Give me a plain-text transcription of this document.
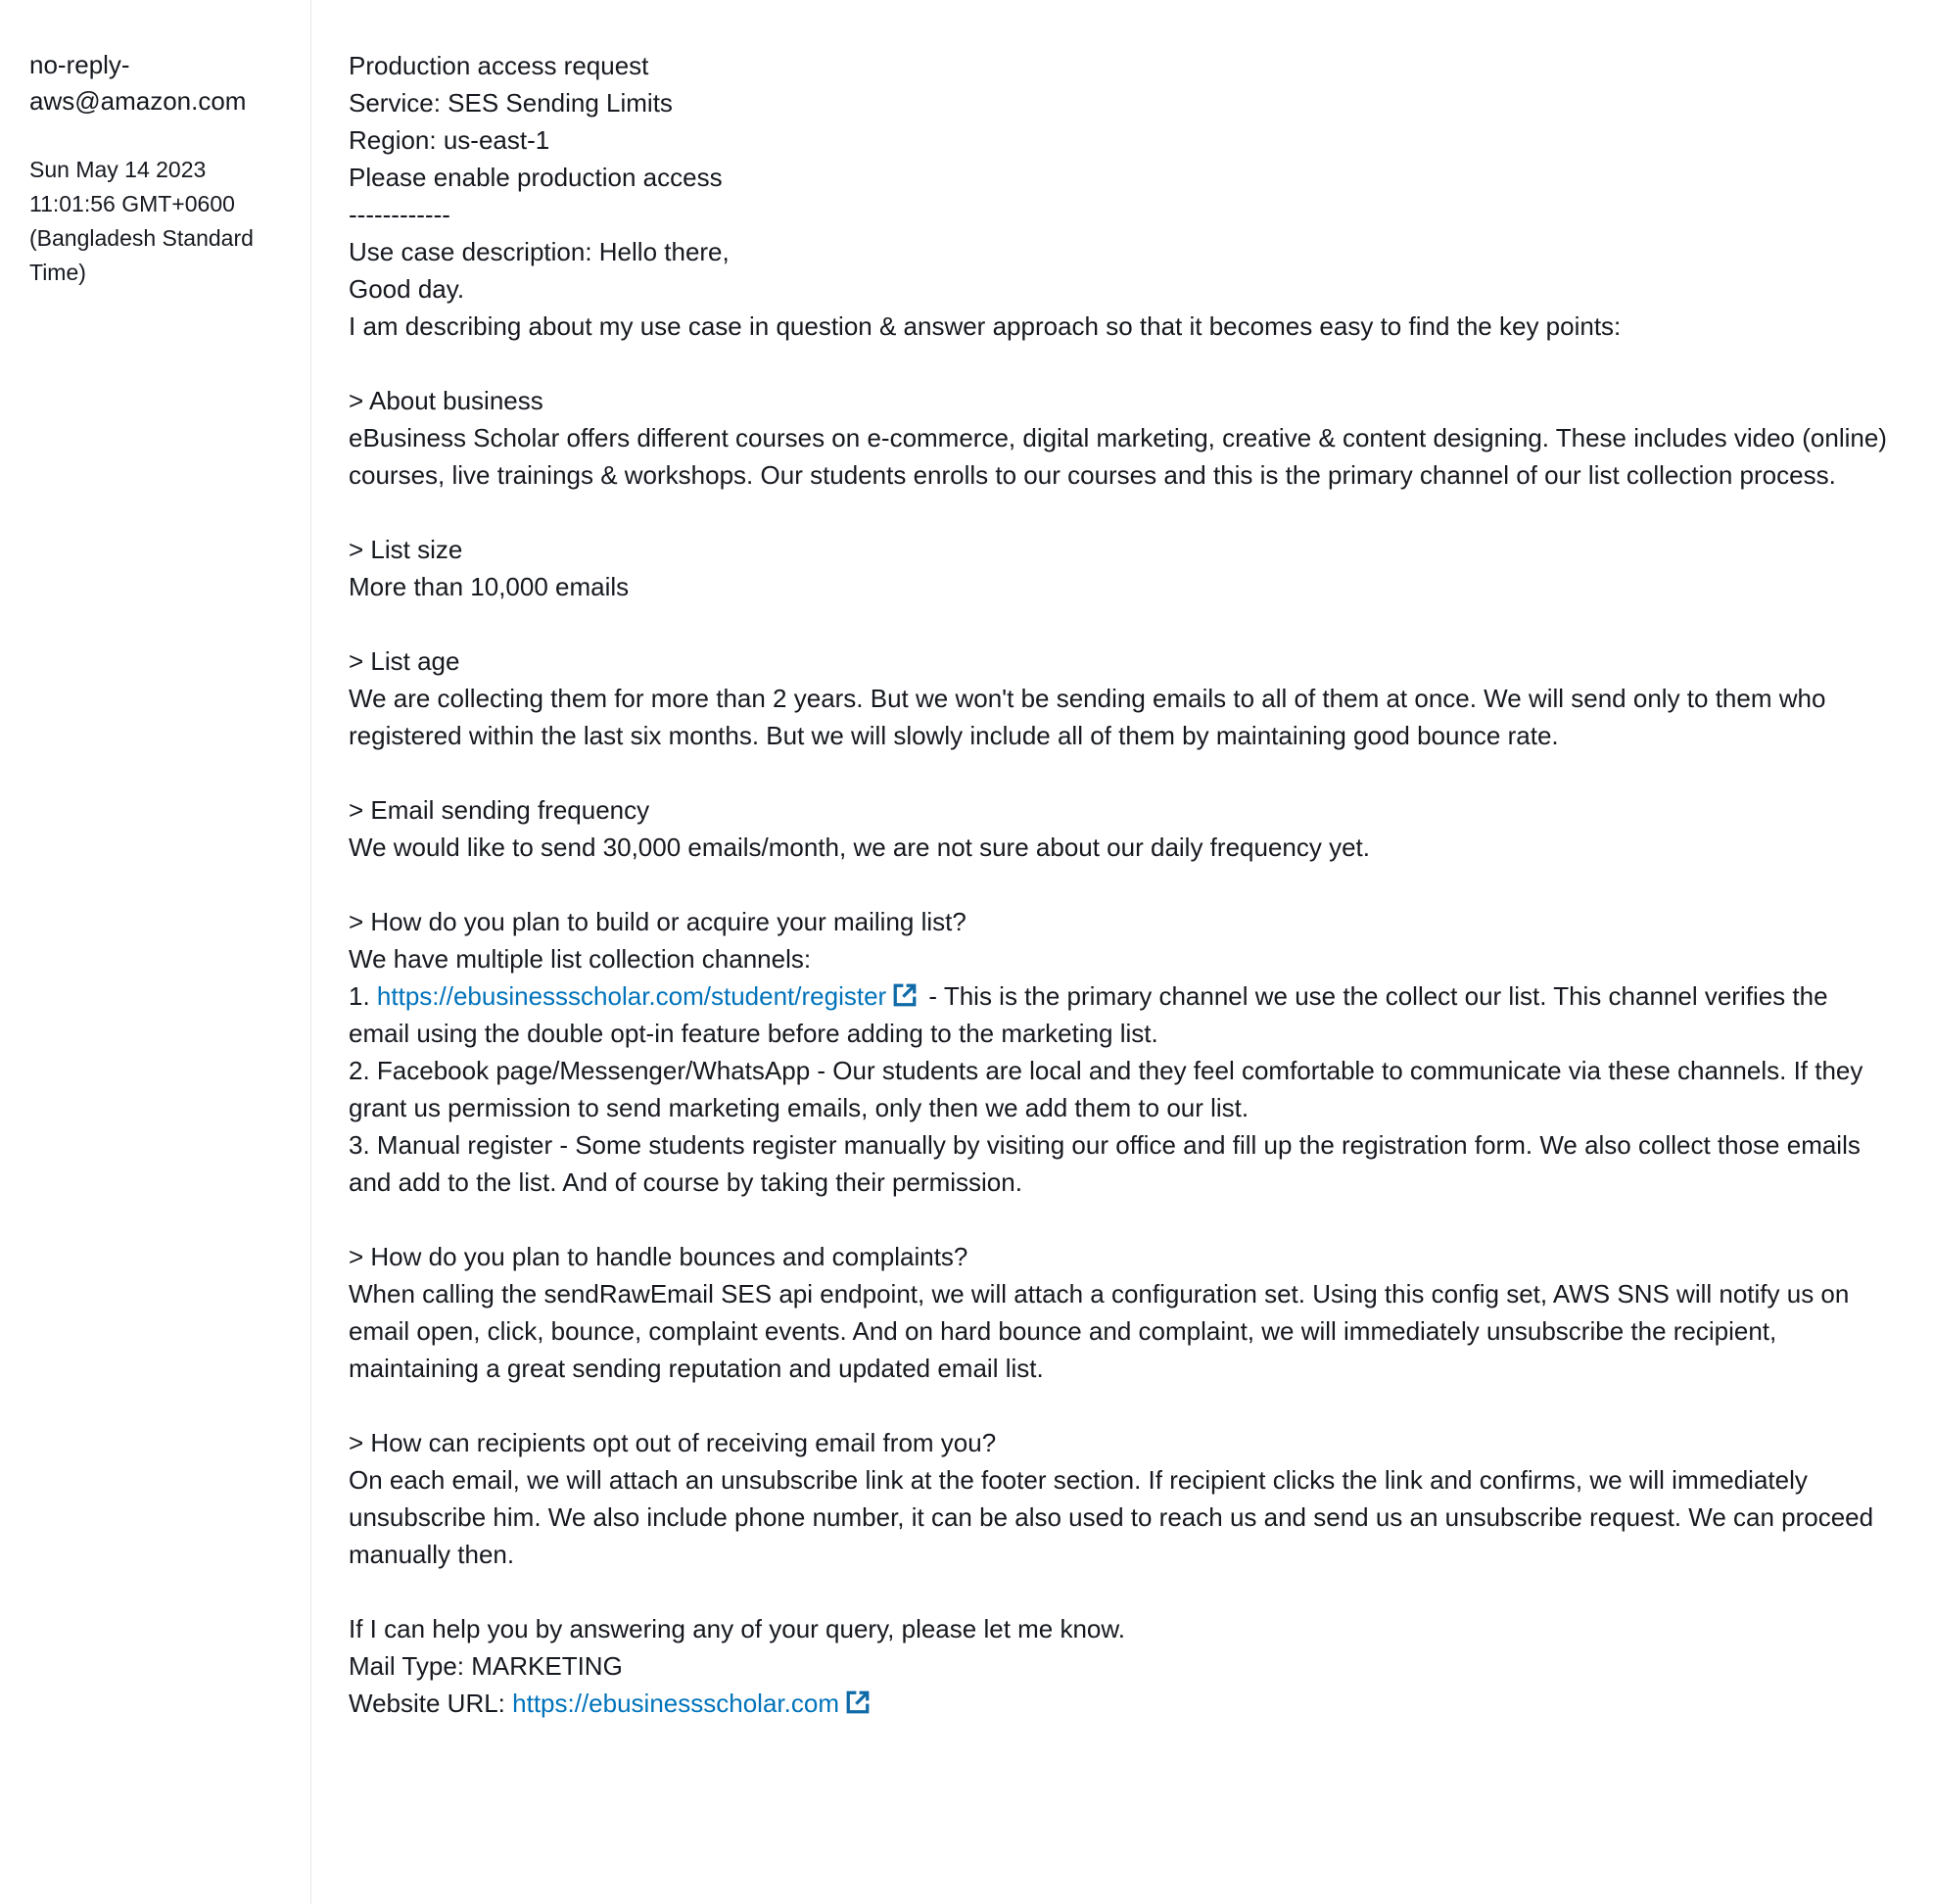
no-reply-aws@amazon.com
Sun May 14 2023
11:01:56 GMT+0600
(Bangladesh Standard
Time)
Production access request
Service: SES Sending Limits
Region: us-east-1
Please enable production access
------------
Use case description: Hello there,
Good day.
I am describing about my use case in question & answer approach so that it becomes easy to find the key points:
> About business
eBusiness Scholar offers different courses on e-commerce, digital marketing, creative & content designing. These includes video (online) courses, live trainings & workshops. Our students enrolls to our courses and this is the primary channel of our list collection process.
> List size
More than 10,000 emails
> List age
We are collecting them for more than 2 years. But we won't be sending emails to all of them at once. We will send only to them who registered within the last six months. But we will slowly include all of them by maintaining good bounce rate.
> Email sending frequency
We would like to send 30,000 emails/month, we are not sure about our daily frequency yet.
> How do you plan to build or acquire your mailing list?
We have multiple list collection channels:
1. https://ebusinessscholar.com/student/register
- This is the primary channel we use the collect our list. This channel verifies the email using the double opt-in feature before adding to the marketing list.
2. Facebook page/Messenger/WhatsApp - Our students are local and they feel comfortable to communicate via these channels. If they grant us permission to send marketing emails, only then we add them to our list.
3. Manual register - Some students register manually by visiting our office and fill up the registration form. We also collect those emails and add to the list. And of course by taking their permission.
> How do you plan to handle bounces and complaints?
When calling the sendRawEmail SES api endpoint, we will attach a configuration set. Using this config set, AWS SNS will notify us on email open, click, bounce, complaint events. And on hard bounce and complaint, we will immediately unsubscribe the recipient, maintaining a great sending reputation and updated email list.
> How can recipients opt out of receiving email from you?
On each email, we will attach an unsubscribe link at the footer section. If recipient clicks the link and confirms, we will immediately unsubscribe him. We also include phone number, it can be also used to reach us and send us an unsubscribe request. We can proceed manually then.
If I can help you by answering any of your query, please let me know.
Mail Type: MARKETING
Website URL: https://ebusinessscholar.com
